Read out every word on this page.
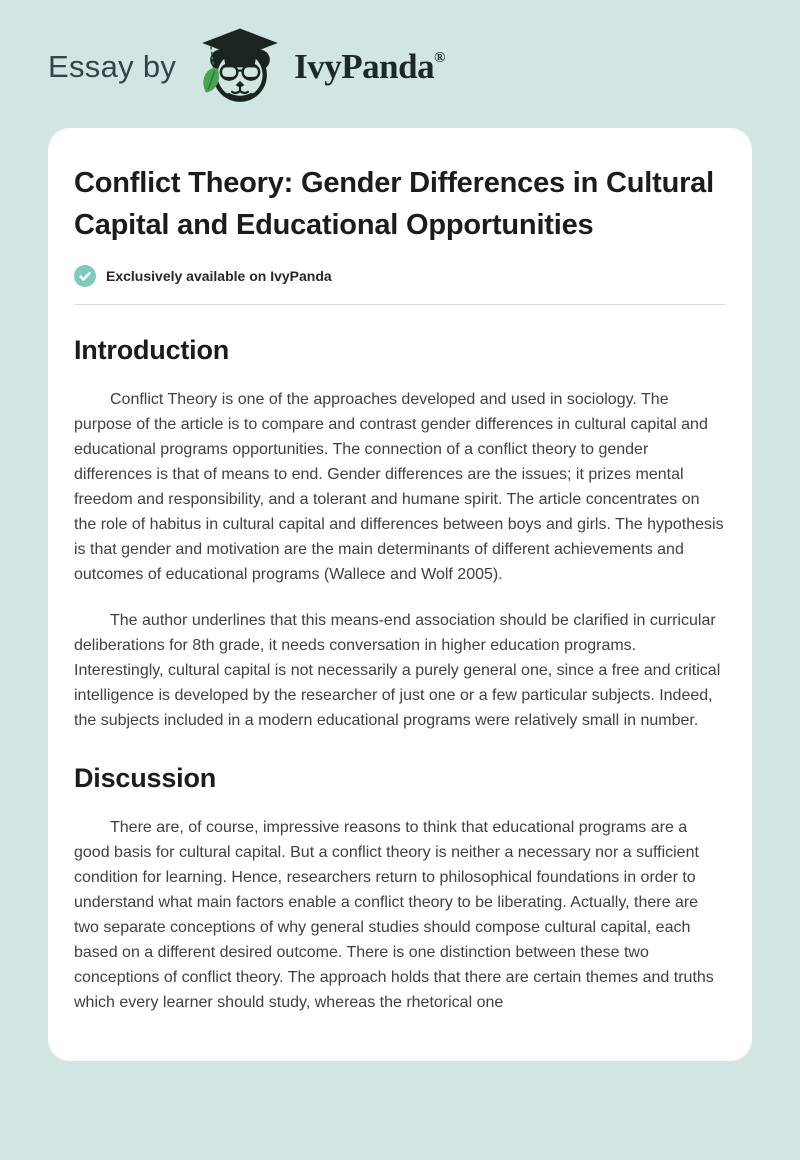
Essay by	IvyPanda®
Conflict Theory: Gender Differences in Cultural Capital and Educational Opportunities
Exclusively available on IvyPanda
Introduction

Conflict Theory is one of the approaches developed and used in sociology. The purpose of the article is to compare and contrast gender differences in cultural capital and educational programs opportunities. The connection of a conflict theory to gender differences is that of means to end. Gender differences are the issues; it prizes mental freedom and responsibility, and a tolerant and humane spirit. The article concentrates on the role of habitus in cultural capital and differences between boys and girls. The hypothesis is that gender and motivation are the main determinants of different achievements and outcomes of educational programs (Wallece and Wolf 2005).

The author underlines that this means-end association should be clarified in curricular deliberations for 8th grade, it needs conversation in higher education programs. Interestingly, cultural capital is not necessarily a purely general one, since a free and critical intelligence is developed by the researcher of just one or a few particular subjects. Indeed, the subjects included in a modern educational programs were relatively small in number.

Discussion

There are, of course, impressive reasons to think that educational programs are a good basis for cultural capital. But a conflict theory is neither a necessary nor a sufficient condition for learning. Hence, researchers return to philosophical foundations in order to understand what main factors enable a conflict theory to be liberating. Actually, there are two separate conceptions of why general studies should compose cultural capital, each based on a different desired outcome. There is one distinction between these two conceptions of conflict theory. The approach holds that there are certain themes and truths which every learner should study, whereas the rhetorical one
